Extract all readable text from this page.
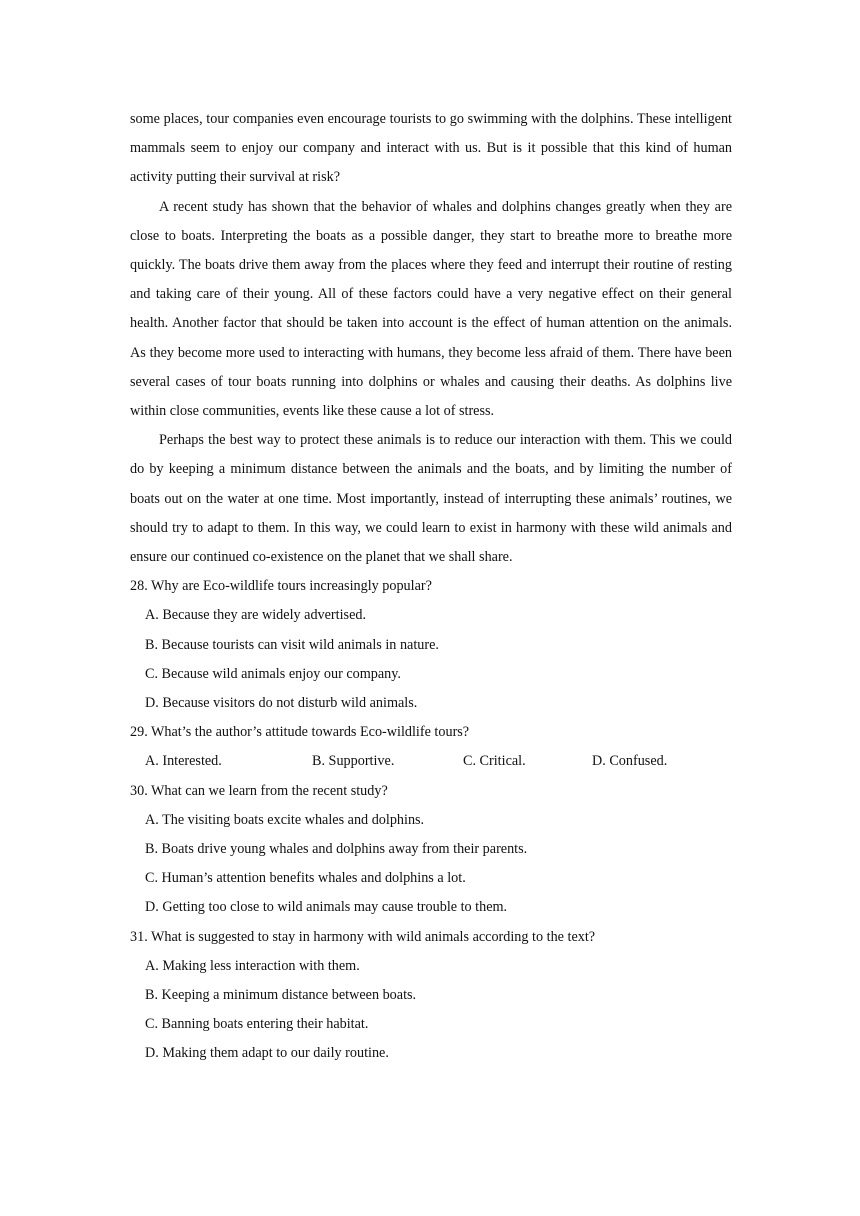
some places, tour companies even encourage tourists to go swimming with the dolphins. These intelligent mammals seem to enjoy our company and interact with us. But is it possible that this kind of human activity putting their survival at risk?

A recent study has shown that the behavior of whales and dolphins changes greatly when they are close to boats. Interpreting the boats as a possible danger, they start to breathe more to breathe more quickly. The boats drive them away from the places where they feed and interrupt their routine of resting and taking care of their young. All of these factors could have a very negative effect on their general health. Another factor that should be taken into account is the effect of human attention on the animals. As they become more used to interacting with humans, they become less afraid of them. There have been several cases of tour boats running into dolphins or whales and causing their deaths. As dolphins live within close communities, events like these cause a lot of stress.

Perhaps the best way to protect these animals is to reduce our interaction with them. This we could do by keeping a minimum distance between the animals and the boats, and by limiting the number of boats out on the water at one time. Most importantly, instead of interrupting these animals’ routines, we should try to adapt to them. In this way, we could learn to exist in harmony with these wild animals and ensure our continued co-existence on the planet that we shall share.

28. Why are Eco-wildlife tours increasingly popular?

A. Because they are widely advertised.

B. Because tourists can visit wild animals in nature.

C. Because wild animals enjoy our company.

D. Because visitors do not disturb wild animals.

29. What’s the author’s attitude towards Eco-wildlife tours?

A. Interested.	B. Supportive.	C. Critical.	D. Confused.

30. What can we learn from the recent study?

A. The visiting boats excite whales and dolphins.

B. Boats drive young whales and dolphins away from their parents.

C. Human’s attention benefits whales and dolphins a lot.

D. Getting too close to wild animals may cause trouble to them.

31. What is suggested to stay in harmony with wild animals according to the text?

A. Making less interaction with them.

B. Keeping a minimum distance between boats.

C. Banning boats entering their habitat.

D. Making them adapt to our daily routine.
